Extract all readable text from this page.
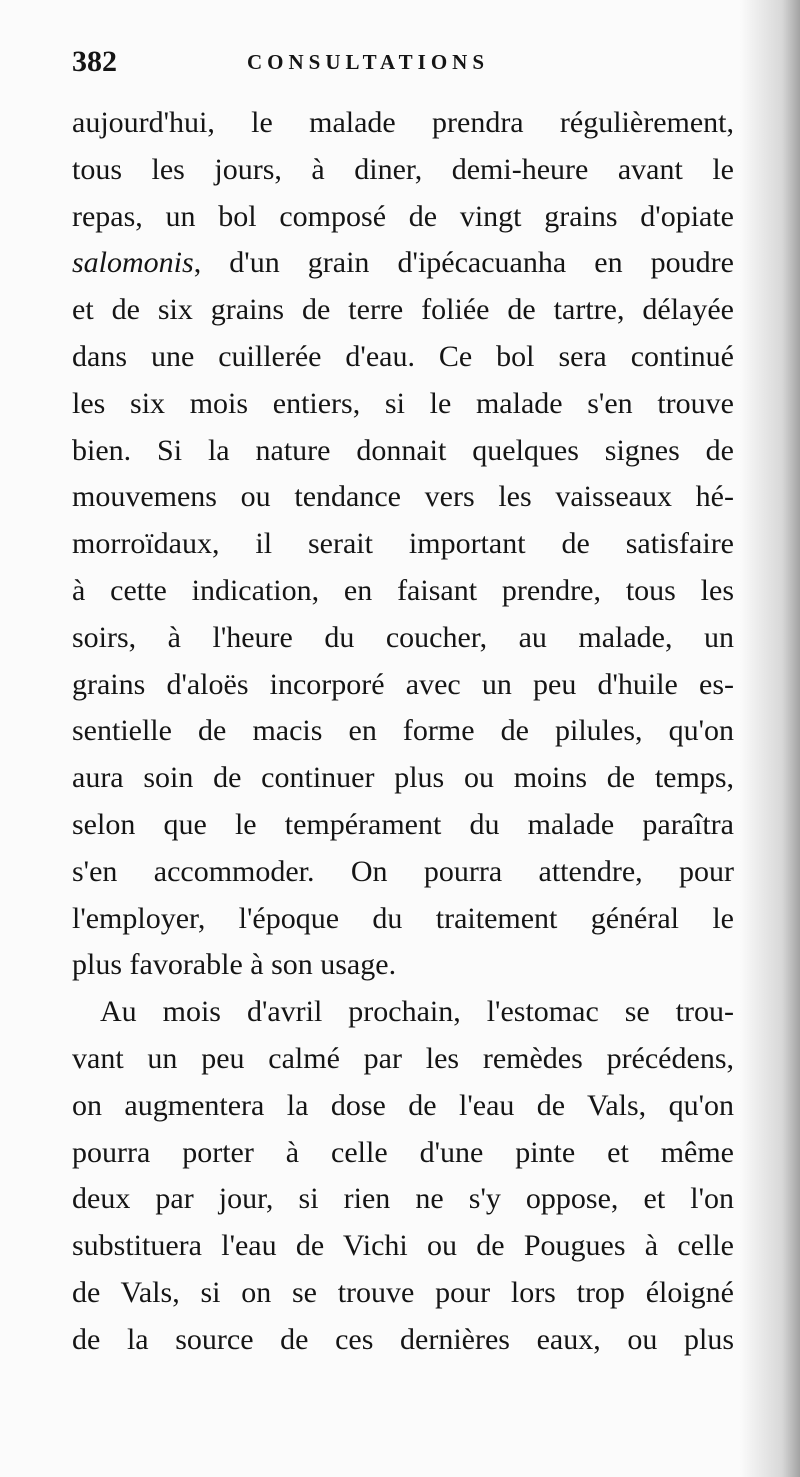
382	CONSULTATIONS
aujourd'hui, le malade prendra régulièrement,
tous les jours, à diner, demi-heure avant le
repas, un bol composé de vingt grains d'opiate
salomonis, d'un grain d'ipécacuanha en poudre
et de six grains de terre foliée de tartre, délayée
dans une cuillerée d'eau. Ce bol sera continué
les six mois entiers, si le malade s'en trouve
bien. Si la nature donnait quelques signes de
mouvemens ou tendance vers les vaisseaux hé-
morroïdaux, il serait important de satisfaire
à cette indication, en faisant prendre, tous les
soirs, à l'heure du coucher, au malade, un
grains d'aloës incorporé avec un peu d'huile es-
sentielle de macis en forme de pilules, qu'on
aura soin de continuer plus ou moins de temps,
selon que le tempérament du malade paraîtra
s'en accommoder. On pourra attendre, pour
l'employer, l'époque du traitement général le
plus favorable à son usage.
Au mois d'avril prochain, l'estomac se trou-
vant un peu calmé par les remèdes précédens,
on augmentera la dose de l'eau de Vals, qu'on
pourra porter à celle d'une pinte et même
deux par jour, si rien ne s'y oppose, et l'on
substituera l'eau de Vichi ou de Pougues à celle
de Vals, si on se trouve pour lors trop éloigné
de la source de ces dernières eaux, ou plus
